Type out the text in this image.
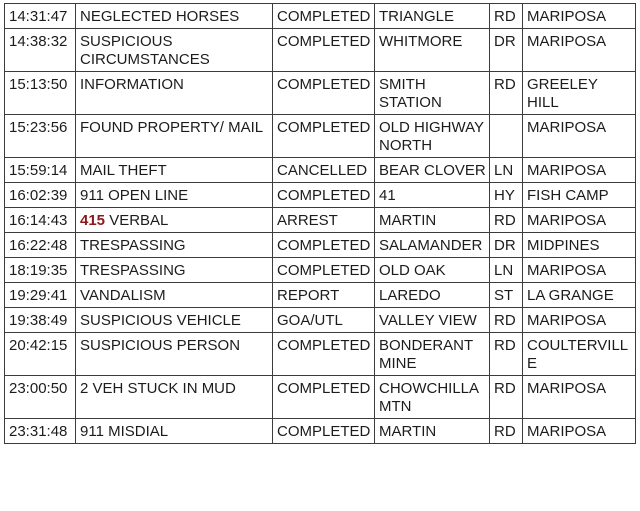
14:31:47	NEGLECTED HORSES	COMPLETED	TRIANGLE	RD	MARIPOSA
14:38:32	SUSPICIOUS CIRCUMSTANCES	COMPLETED	WHITMORE	DR	MARIPOSA
15:13:50	INFORMATION	COMPLETED	SMITH STATION	RD	GREELEY HILL
15:23:56	FOUND PROPERTY/ MAIL	COMPLETED	OLD HIGHWAY NORTH		MARIPOSA
15:59:14	MAIL THEFT	CANCELLED	BEAR CLOVER	LN	MARIPOSA
16:02:39	911 OPEN LINE	COMPLETED	41	HY	FISH CAMP
16:14:43	415 VERBAL	ARREST	MARTIN	RD	MARIPOSA
16:22:48	TRESPASSING	COMPLETED	SALAMANDER	DR	MIDPINES
18:19:35	TRESPASSING	COMPLETED	OLD OAK	LN	MARIPOSA
19:29:41	VANDALISM	REPORT	LAREDO	ST	LA GRANGE
19:38:49	SUSPICIOUS VEHICLE	GOA/UTL	VALLEY VIEW	RD	MARIPOSA
20:42:15	SUSPICIOUS PERSON	COMPLETED	BONDERANT MINE	RD	COULTERVILLE
23:00:50	2 VEH STUCK IN MUD	COMPLETED	CHOWCHILLA MTN	RD	MARIPOSA
23:31:48	911 MISDIAL	COMPLETED	MARTIN	RD	MARIPOSA
